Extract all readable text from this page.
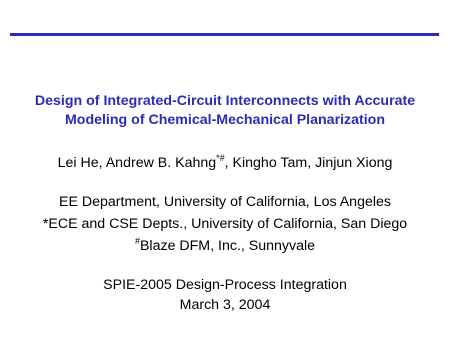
Design of Integrated-Circuit Interconnects with Accurate
Modeling of Chemical-Mechanical Planarization
Lei He, Andrew B. Kahng*#, Kingho Tam, Jinjun Xiong
EE Department, University of California, Los Angeles
*ECE and CSE Depts., University of California, San Diego
#Blaze DFM, Inc., Sunnyvale
SPIE-2005 Design-Process Integration
March 3, 2004
